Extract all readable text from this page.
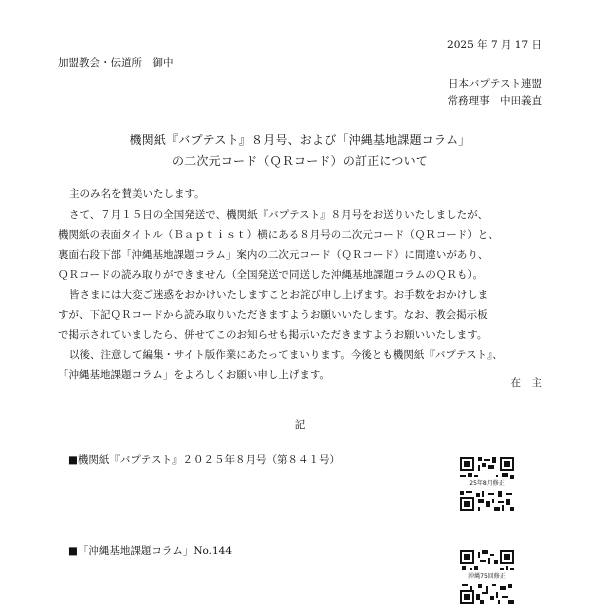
2025 年 7 月 17 日
加盟教会・伝道所　御中
日本バプテスト連盟
常務理事　中田義直
機関紙『バプテスト』８月号、および「沖縄基地課題コラム」
の二次元コード（ＱＲコード）の訂正について
主のみ名を賛美いたします。
さて、７月１５日の全国発送で、機関紙『バプテスト』８月号をお送りいたしましたが、
機関紙の表面タイトル（Ｂａｐｔｉｓｔ）横にある８月号の二次元コード（ＱＲコード）と、
裏面右段下部「沖縄基地課題コラム」案内の二次元コード（ＱＲコード）に間違いがあり、
ＱＲコードの読み取りができません（全国発送で同送した沖縄基地課題コラムのＱＲも）。
皆さまには大変ご迷惑をおかけいたしますことお詫び申し上げます。お手数をおかけしま
すが、下記ＱＲコードから読み取りいただきますようお願いいたします。なお、教会掲示板
で掲示されていましたら、併せてこのお知らせも掲示いただきますようお願いいたします。
以後、注意して編集・サイト版作業にあたってまいります。今後とも機関紙『バプテスト』、
「沖縄基地課題コラム」をよろしくお願い申し上げます。
在　主
記
■機関紙『バプテスト』２０２５年８月号（第８４１号）
25年8月修正
■「沖縄基地課題コラム」No.144
沖縄75回修正
